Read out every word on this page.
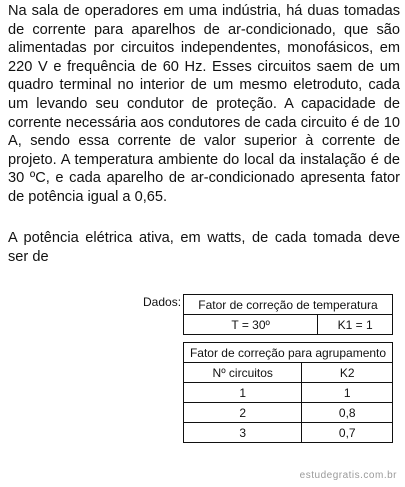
Na sala de operadores em uma indústria, há duas tomadas de corrente para aparelhos de ar-condicionado, que são alimentadas por circuitos independentes, monofásicos, em 220 V e frequência de 60 Hz. Esses circuitos saem de um quadro terminal no interior de um mesmo eletroduto, cada um levando seu condutor de proteção. A capacidade de corrente necessária aos condutores de cada circuito é de 10 A, sendo essa corrente de valor superior à corrente de projeto. A temperatura ambiente do local da instalação é de 30 ºC, e cada aparelho de ar-condicionado apresenta fator de potência igual a 0,65.

A potência elétrica ativa, em watts, de cada tomada deve ser de

Dados: Fator de correção de temperatura
T = 30º	K1 = 1
Fator de correção para agrupamento	
Nº circuitos	K2
1	1
2	0,8
3	0,7
estudegratis.com.br
